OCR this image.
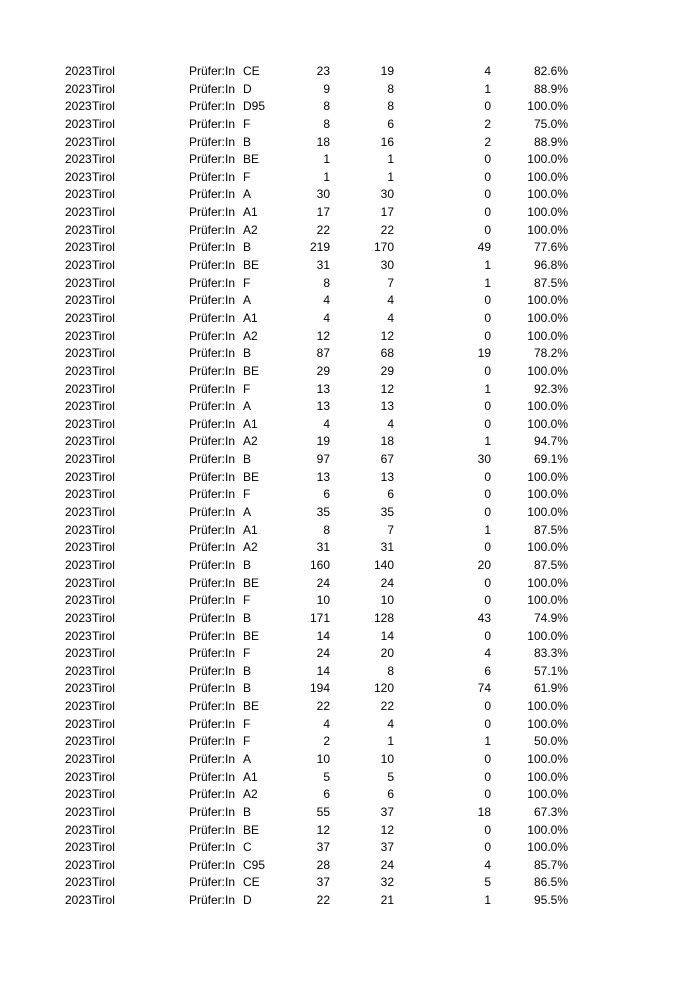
2023 Tirol	Prüfer:In CE	23	19	4	82.6%
2023 Tirol	Prüfer:In D	9	8	1	88.9%
2023 Tirol	Prüfer:In D95	8	8	0	100.0%
2023 Tirol	Prüfer:In F	8	6	2	75.0%
2023 Tirol	Prüfer:In B	18	16	2	88.9%
2023 Tirol	Prüfer:In BE	1	1	0	100.0%
2023 Tirol	Prüfer:In F	1	1	0	100.0%
2023 Tirol	Prüfer:In A	30	30	0	100.0%
2023 Tirol	Prüfer:In A1	17	17	0	100.0%
2023 Tirol	Prüfer:In A2	22	22	0	100.0%
2023 Tirol	Prüfer:In B	219	170	49	77.6%
2023 Tirol	Prüfer:In BE	31	30	1	96.8%
2023 Tirol	Prüfer:In F	8	7	1	87.5%
2023 Tirol	Prüfer:In A	4	4	0	100.0%
2023 Tirol	Prüfer:In A1	4	4	0	100.0%
2023 Tirol	Prüfer:In A2	12	12	0	100.0%
2023 Tirol	Prüfer:In B	87	68	19	78.2%
2023 Tirol	Prüfer:In BE	29	29	0	100.0%
2023 Tirol	Prüfer:In F	13	12	1	92.3%
2023 Tirol	Prüfer:In A	13	13	0	100.0%
2023 Tirol	Prüfer:In A1	4	4	0	100.0%
2023 Tirol	Prüfer:In A2	19	18	1	94.7%
2023 Tirol	Prüfer:In B	97	67	30	69.1%
2023 Tirol	Prüfer:In BE	13	13	0	100.0%
2023 Tirol	Prüfer:In F	6	6	0	100.0%
2023 Tirol	Prüfer:In A	35	35	0	100.0%
2023 Tirol	Prüfer:In A1	8	7	1	87.5%
2023 Tirol	Prüfer:In A2	31	31	0	100.0%
2023 Tirol	Prüfer:In B	160	140	20	87.5%
2023 Tirol	Prüfer:In BE	24	24	0	100.0%
2023 Tirol	Prüfer:In F	10	10	0	100.0%
2023 Tirol	Prüfer:In B	171	128	43	74.9%
2023 Tirol	Prüfer:In BE	14	14	0	100.0%
2023 Tirol	Prüfer:In F	24	20	4	83.3%
2023 Tirol	Prüfer:In B	14	8	6	57.1%
2023 Tirol	Prüfer:In B	194	120	74	61.9%
2023 Tirol	Prüfer:In BE	22	22	0	100.0%
2023 Tirol	Prüfer:In F	4	4	0	100.0%
2023 Tirol	Prüfer:In F	2	1	1	50.0%
2023 Tirol	Prüfer:In A	10	10	0	100.0%
2023 Tirol	Prüfer:In A1	5	5	0	100.0%
2023 Tirol	Prüfer:In A2	6	6	0	100.0%
2023 Tirol	Prüfer:In B	55	37	18	67.3%
2023 Tirol	Prüfer:In BE	12	12	0	100.0%
2023 Tirol	Prüfer:In C	37	37	0	100.0%
2023 Tirol	Prüfer:In C95	28	24	4	85.7%
2023 Tirol	Prüfer:In CE	37	32	5	86.5%
2023 Tirol	Prüfer:In D	22	21	1	95.5%
